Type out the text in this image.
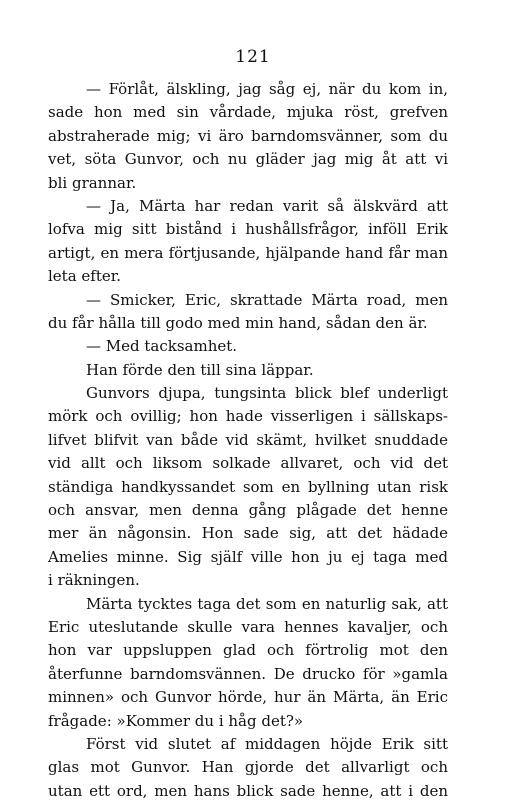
121
— Förlåt, älskling, jag såg ej, när du kom in,
sade hon med sin vårdade, mjuka röst, grefven
abstraherade mig; vi äro barndomsvänner, som du
vet, söta Gunvor, och nu gläder jag mig åt att vi
bli grannar.
— Ja, Märta har redan varit så älskvärd att
lofva mig sitt bistånd i hushållsfrågor, inföll Erik
artigt, en mera förtjusande, hjälpande hand får man
leta efter.
— Smicker, Eric, skrattade Märta road, men
du får hålla till godo med min hand, sådan den är.
— Med tacksamhet.
Han förde den till sina läppar.
Gunvors djupa, tungsinta blick blef underligt
mörk och ovillig; hon hade visserligen i sällskaps-
lifvet blifvit van både vid skämt, hvilket snuddade
vid allt och liksom solkade allvaret, och vid det
ständiga handkyssandet som en byllning utan risk
och ansvar, men denna gång plågade det henne
mer än någonsin. Hon sade sig, att det hädade
Amelies minne. Sig själf ville hon ju ej taga med
i räkningen.
Märta tycktes taga det som en naturlig sak, att
Eric uteslutande skulle vara hennes kavaljer, och
hon var uppsluppen glad och förtrolig mot den
återfunne barndomsvännen. De drucko för »gamla
minnen» och Gunvor hörde, hur än Märta, än Eric
frågade: »Kommer du i håg det?»
Först vid slutet af middagen höjde Erik sitt
glas mot Gunvor. Han gjorde det allvarligt och
utan ett ord, men hans blick sade henne, att i den
